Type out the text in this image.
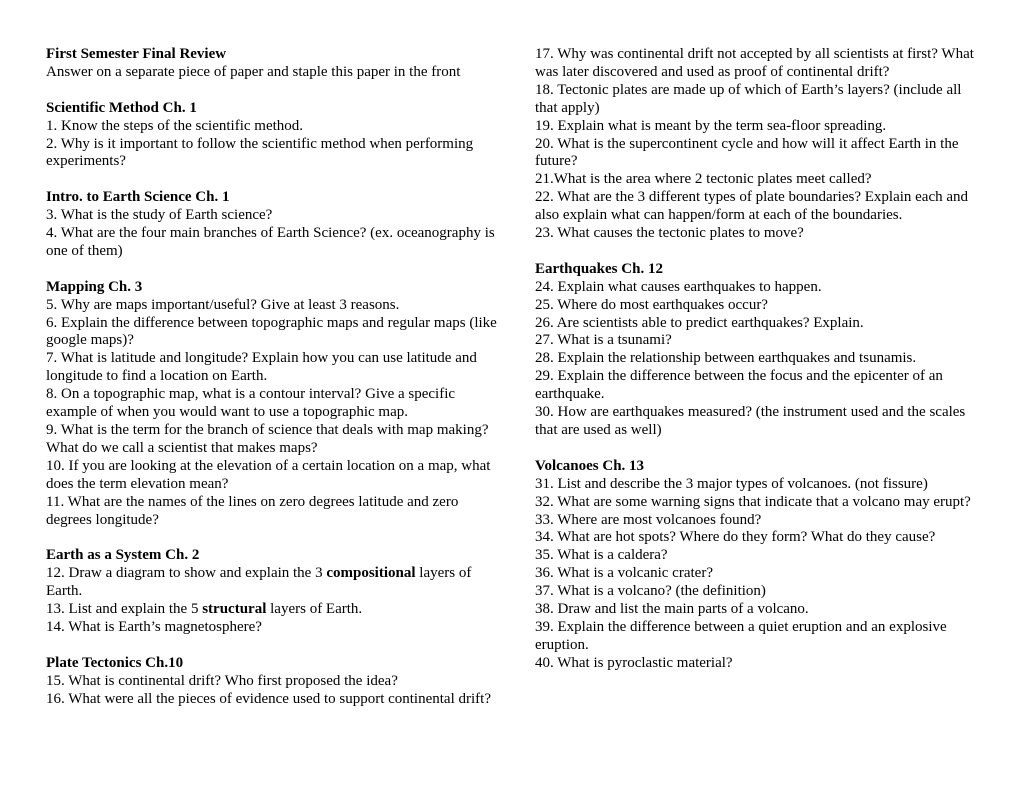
First Semester Final Review
Answer on a separate piece of paper and staple this paper in the front
Scientific Method Ch. 1
1. Know the steps of the scientific method.
2. Why is it important to follow the scientific method when performing experiments?
Intro. to Earth Science Ch. 1
3. What is the study of Earth science?
4. What are the four main branches of Earth Science? (ex. oceanography is one of them)
Mapping Ch. 3
5. Why are maps important/useful? Give at least 3 reasons.
6. Explain the difference between topographic maps and regular maps (like google maps)?
7. What is latitude and longitude? Explain how you can use latitude and longitude to find a location on Earth.
8. On a topographic map, what is a contour interval? Give a specific example of when you would want to use a topographic map.
9. What is the term for the branch of science that deals with map making? What do we call a scientist that makes maps?
10. If you are looking at the elevation of a certain location on a map, what does the term elevation mean?
11. What are the names of the lines on zero degrees latitude and zero degrees longitude?
Earth as a System Ch. 2
12. Draw a diagram to show and explain the 3 compositional layers of Earth.
13. List and explain the 5 structural layers of Earth.
14. What is Earth’s magnetosphere?
Plate Tectonics Ch.10
15. What is continental drift? Who first proposed the idea?
16. What were all the pieces of evidence used to support continental drift?
17. Why was continental drift not accepted by all scientists at first? What was later discovered and used as proof of continental drift?
18. Tectonic plates are made up of which of Earth’s layers? (include all that apply)
19. Explain what is meant by the term sea-floor spreading.
20. What is the supercontinent cycle and how will it affect Earth in the future?
21.What is the area where 2 tectonic plates meet called?
22. What are the 3 different types of plate boundaries? Explain each and also explain what can happen/form at each of the boundaries.
23. What causes the tectonic plates to move?
Earthquakes Ch. 12
24. Explain what causes earthquakes to happen.
25. Where do most earthquakes occur?
26. Are scientists able to predict earthquakes? Explain.
27. What is a tsunami?
28. Explain the relationship between earthquakes and tsunamis.
29. Explain the difference between the focus and the epicenter of an earthquake.
30. How are earthquakes measured? (the instrument used and the scales that are used as well)
Volcanoes Ch. 13
31. List and describe the 3 major types of volcanoes. (not fissure)
32. What are some warning signs that indicate that a volcano may erupt?
33. Where are most volcanoes found?
34. What are hot spots? Where do they form? What do they cause?
35. What is a caldera?
36. What is a volcanic crater?
37. What is a volcano? (the definition)
38. Draw and list the main parts of a volcano.
39. Explain the difference between a quiet eruption and an explosive eruption.
40. What is pyroclastic material?
